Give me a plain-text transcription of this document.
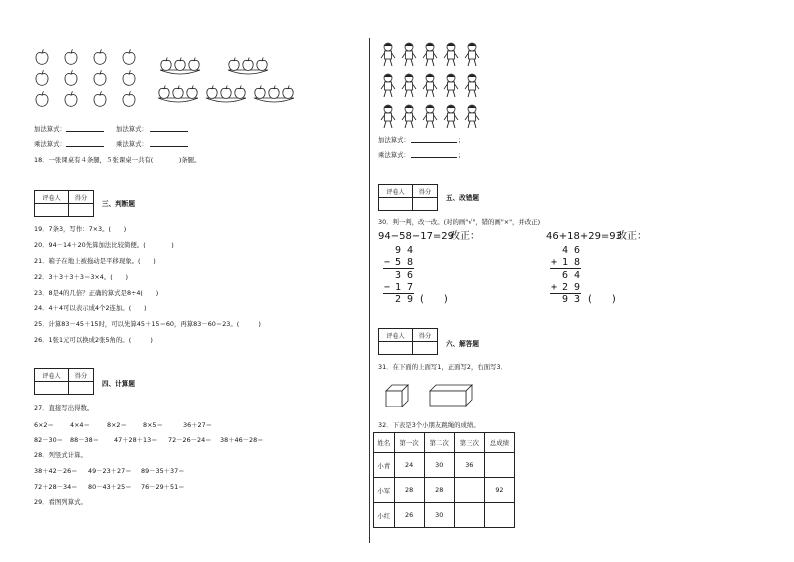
加法算式：	加法算式：
乘法算式：	乘法算式：
18．一张课桌有４条腿，５张课桌一共有(　　　　)条腿。
评卷人	得分

三、判断题
19．7条3，写作：7×3。(　　)
20．94－14＋20先算加法比较简便。(　　　　)
21．箱子在地上被拖动是平移现象。(　　)
22．3＋3＋3＋3＝3×4。(　　)
23．8是4的几倍？正确的算式是8÷4(　　)
24．4＋4可以表示成4个2连加。(　　)
25．计算83－45＋15时，可以先算45＋15＝60，再算83－60＝23。(　　　)
26．1张1元可以换成2张5角的。(　　　)
评卷人	得分

四、计算题
27．直接写出得数。
6×2＝	4×4＝	8×2＝	8×5＝	36＋27＝
82－30＝ 88－38＝ 47＋28＋13＝ 72－26－24＝ 38＋46－28＝
28．列竖式计算。
38＋42－26＝ 49－23＋27＝ 89－35＋37＝
72＋28－34＝ 80－43＋25＝ 76－29＋51＝
29．看图列算式。
加法算式：	；
乘法算式：	；
评卷人	得分

五、改错题
30．判一判，改一改。(对的画"√"，错的画"×"，并改正)
94−58−17=29
改正：	46+18+29=93
改正：
9 4
− 5 8
3 6
− 1 7
2 9 (　　)
4 6
+ 1 8
6 4
+ 2 9
9 3 (　　)
评卷人	得分

六、解答题
31．在下面的上面写1，正面写2，右面写3．
32．下表是3个小朋友跳绳的成绩。
姓名	第一次	第二次	第三次	总成绩
小青	24	30	36	
小军	28	28		92
小红	26	30		
